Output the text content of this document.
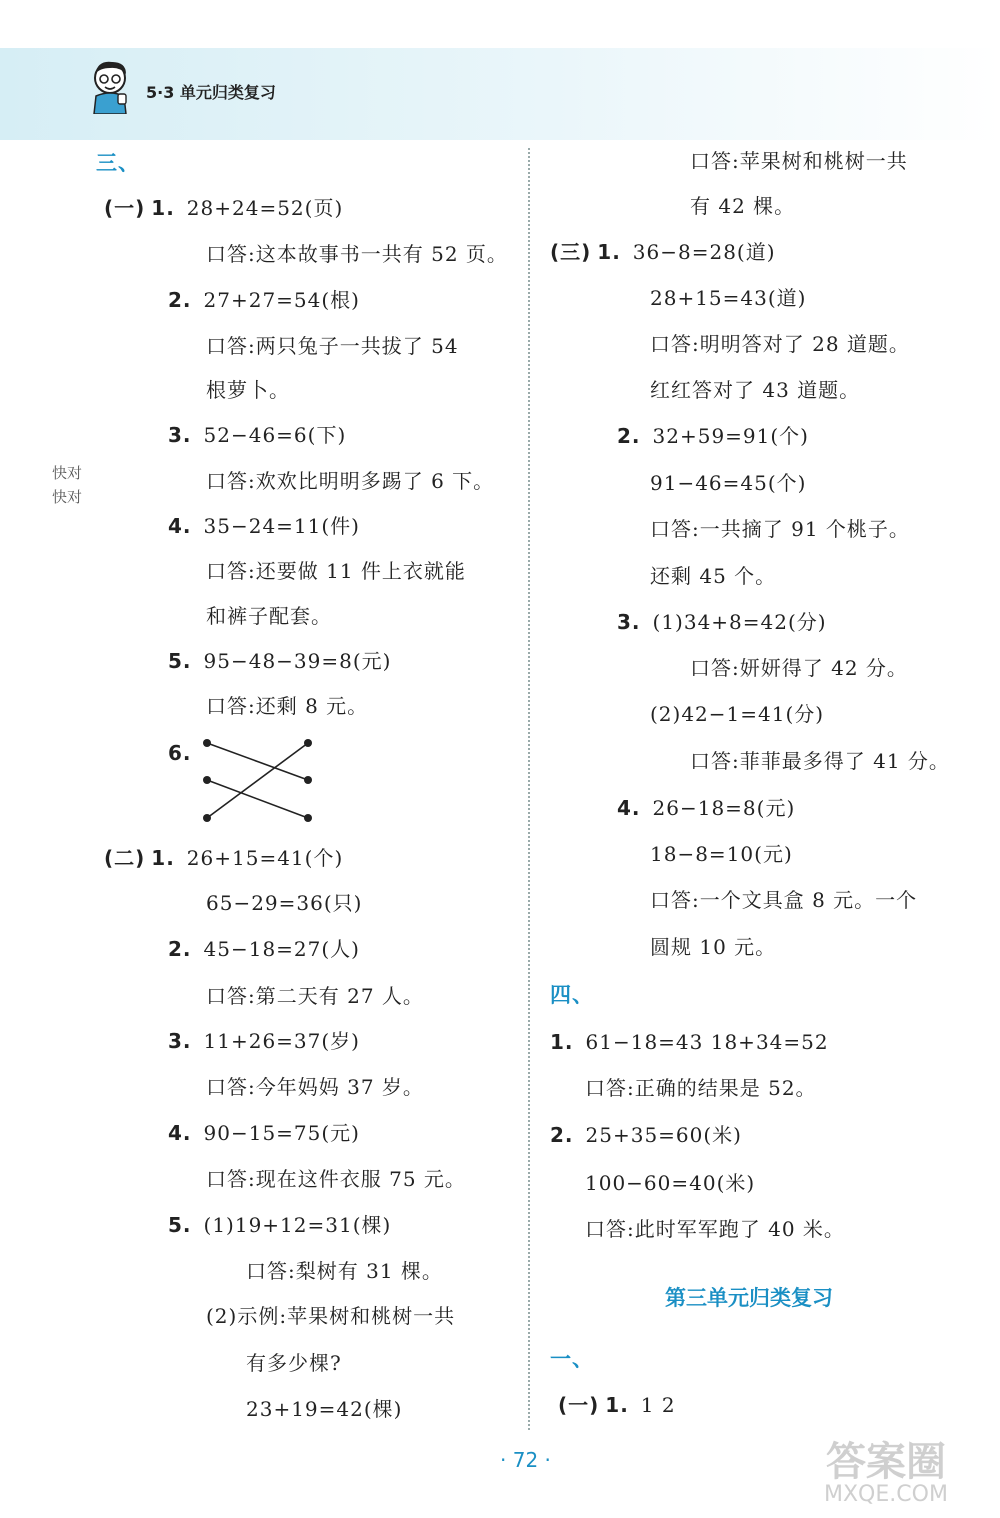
5·3 单元归类复习
快对
快对
三、
(一) 1. 28+24=52(页)
口答:这本故事书一共有 52 页。
2. 27+27=54(根)
口答:两只兔子一共拔了 54
根萝卜。
3. 52−46=6(下)
口答:欢欢比明明多踢了 6 下。
4. 35−24=11(件)
口答:还要做 11 件上衣就能
和裤子配套。
5. 95−48−39=8(元)
口答:还剩 8 元。
6.
(二) 1. 26+15=41(个)
65−29=36(只)
2. 45−18=27(人)
口答:第二天有 27 人。
3. 11+26=37(岁)
口答:今年妈妈 37 岁。
4. 90−15=75(元)
口答:现在这件衣服 75 元。
5. (1)19+12=31(棵)
口答:梨树有 31 棵。
(2)示例:苹果树和桃树一共
有多少棵?
23+19=42(棵)
口答:苹果树和桃树一共
有 42 棵。
(三) 1. 36−8=28(道)
28+15=43(道)
口答:明明答对了 28 道题。
红红答对了 43 道题。
2. 32+59=91(个)
91−46=45(个)
口答:一共摘了 91 个桃子。
还剩 45 个。
3. (1)34+8=42(分)
口答:妍妍得了 42 分。
(2)42−1=41(分)
口答:菲菲最多得了 41 分。
4. 26−18=8(元)
18−8=10(元)
口答:一个文具盒 8 元。一个
圆规 10 元。
四、
1. 61−18=43 18+34=52
口答:正确的结果是 52。
2. 25+35=60(米)
100−60=40(米)
口答:此时军军跑了 40 米。
第三单元归类复习
一、
(一) 1. 1 2
· 72 ·	答案圈
MXQE.COM
